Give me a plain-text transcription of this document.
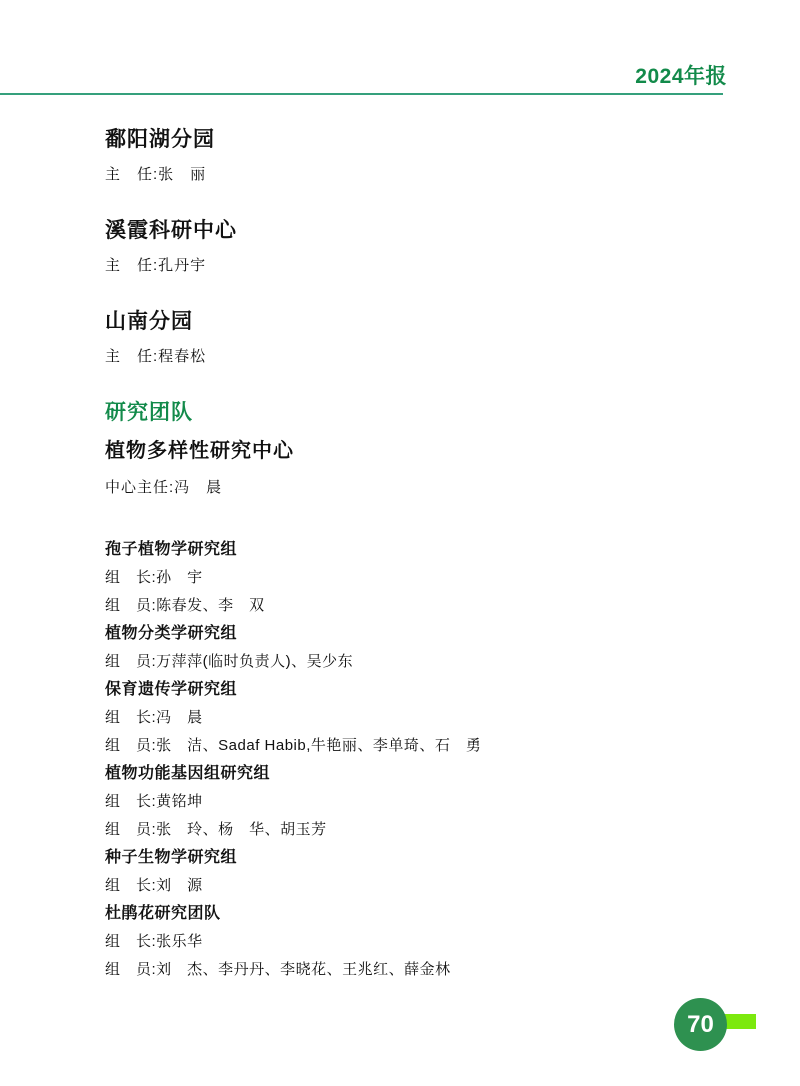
2024年报
鄱阳湖分园

主　任:张　丽

溪霞科研中心

主　任:孔丹宇

山南分园

主　任:程春松

研究团队
植物多样性研究中心

中心主任:冯　晨

孢子植物学研究组

组　长:孙　宇

组　员:陈春发、李　双

植物分类学研究组

组　员:万萍萍(临时负责人)、吴少东

保育遗传学研究组

组　长:冯　晨

组　员:张　洁、Sadaf Habib,牛艳丽、李单琦、石　勇

植物功能基因组研究组

组　长:黄铭坤

组　员:张　玲、杨　华、胡玉芳

种子生物学研究组

组　长:刘　源

杜鹃花研究团队

组　长:张乐华

组　员:刘　杰、李丹丹、李晓花、王兆红、薛金林

70
